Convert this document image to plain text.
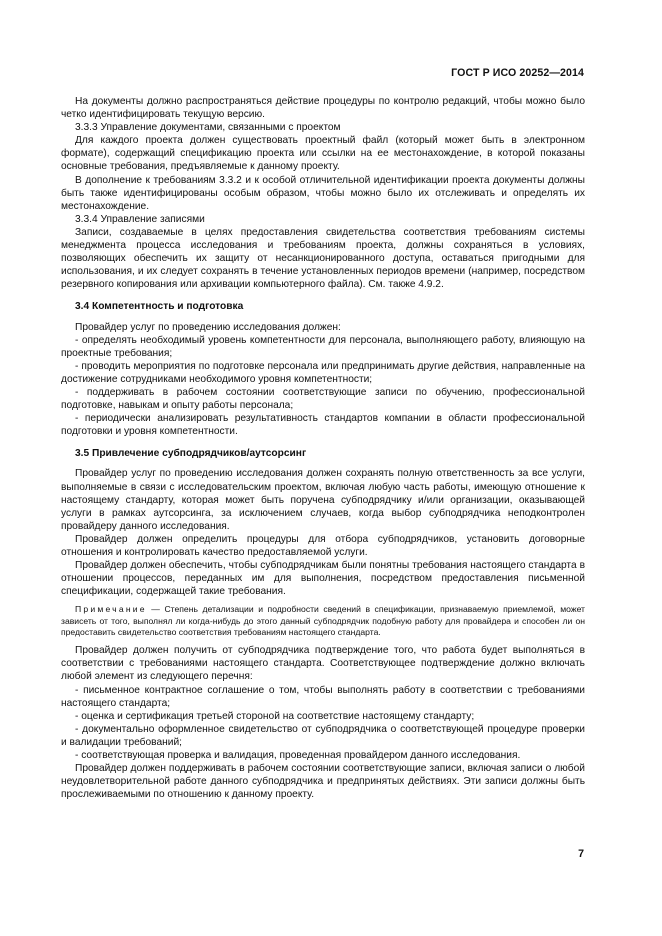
ГОСТ Р ИСО 20252—2014

На документы должно распространяться действие процедуры по контролю редакций, чтобы можно было четко идентифицировать текущую версию.

3.3.3 Управление документами, связанными с проектом

Для каждого проекта должен существовать проектный файл (который может быть в электронном формате), содержащий спецификацию проекта или ссылки на ее местонахождение, в которой показаны основные требования, предъявляемые к данному проекту.

В дополнение к требованиям 3.3.2 и к особой отличительной идентификации проекта документы должны быть также идентифицированы особым образом, чтобы можно было их отслеживать и определять их местонахождение.

3.3.4 Управление записями

Записи, создаваемые в целях предоставления свидетельства соответствия требованиям системы менеджмента процесса исследования и требованиям проекта, должны сохраняться в условиях, позволяющих обеспечить их защиту от несанкционированного доступа, оставаться пригодными для использования, и их следует сохранять в течение установленных периодов времени (например, посредством резервного копирования или архивации компьютерного файла). См. также 4.9.2.

3.4 Компетентность и подготовка

Провайдер услуг по проведению исследования должен:

- определять необходимый уровень компетентности для персонала, выполняющего работу, влияющую на проектные требования;

- проводить мероприятия по подготовке персонала или предпринимать другие действия, направленные на достижение сотрудниками необходимого уровня компетентности;

- поддерживать в рабочем состоянии соответствующие записи по обучению, профессиональной подготовке, навыкам и опыту работы персонала;

- периодически анализировать результативность стандартов компании в области профессиональной подготовки и уровня компетентности.

3.5 Привлечение субподрядчиков/аутсорсинг

Провайдер услуг по проведению исследования должен сохранять полную ответственность за все услуги, выполняемые в связи с исследовательским проектом, включая любую часть работы, имеющую отношение к настоящему стандарту, которая может быть поручена субподрядчику и/или организации, оказывающей услуги в рамках аутсорсинга, за исключением случаев, когда выбор субподрядчика неподконтролен провайдеру данного исследования.

Провайдер должен определить процедуры для отбора субподрядчиков, установить договорные отношения и контролировать качество предоставляемой услуги.

Провайдер должен обеспечить, чтобы субподрядчикам были понятны требования настоящего стандарта в отношении процессов, переданных им для выполнения, посредством предоставления письменной спецификации, содержащей такие требования.

Примечание — Степень детализации и подробности сведений в спецификации, признаваемую приемлемой, может зависеть от того, выполнял ли когда-нибудь до этого данный субподрядчик подобную работу для провайдера и способен ли он предоставить свидетельство соответствия требованиям настоящего стандарта.

Провайдер должен получить от субподрядчика подтверждение того, что работа будет выполняться в соответствии с требованиями настоящего стандарта. Соответствующее подтверждение должно включать любой элемент из следующего перечня:

- письменное контрактное соглашение о том, чтобы выполнять работу в соответствии с требованиями настоящего стандарта;

- оценка и сертификация третьей стороной на соответствие настоящему стандарту;

- документально оформленное свидетельство от субподрядчика о соответствующей процедуре проверки и валидации требований;

- соответствующая проверка и валидация, проведенная провайдером данного исследования.

Провайдер должен поддерживать в рабочем состоянии соответствующие записи, включая записи о любой неудовлетворительной работе данного субподрядчика и предпринятых действиях. Эти записи должны быть прослеживаемыми по отношению к данному проекту.

7
